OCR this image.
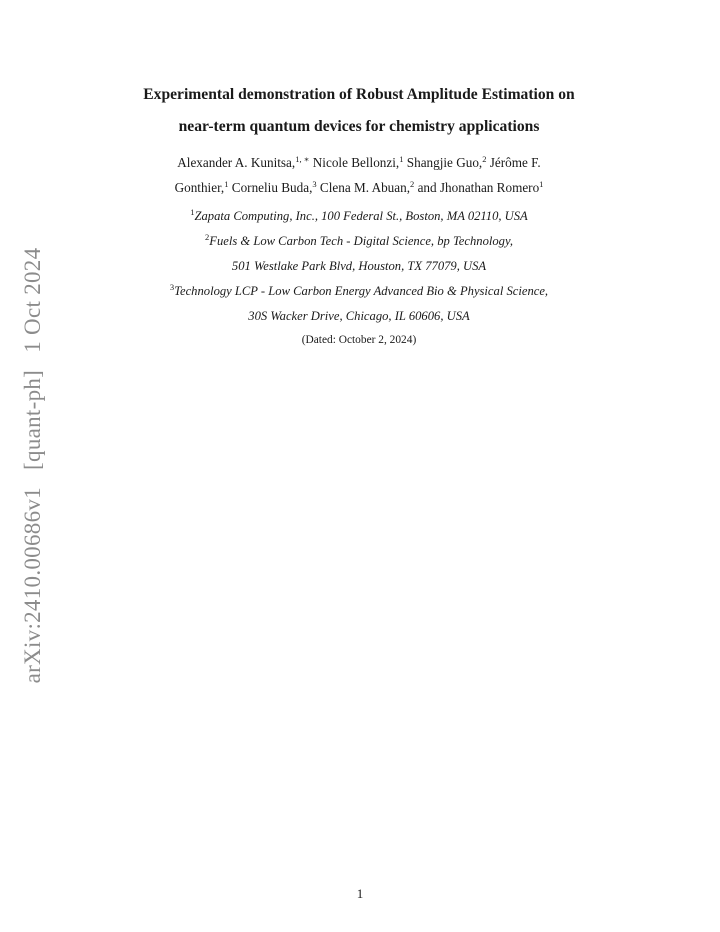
arXiv:2410.00686v1 [quant-ph] 1 Oct 2024
Experimental demonstration of Robust Amplitude Estimation on
near-term quantum devices for chemistry applications
Alexander A. Kunitsa,$^{1, ∗}$ Nicole Bellonzi,$^1$ Shangjie Guo,$^2$ Jérôme F.
Gonthier,$^1$ Corneliu Buda,$^3$ Clena M. Abuan,$^2$ and Jhonathan Romero$^1$
$^1$Zapata Computing, Inc., 100 Federal St., Boston, MA 02110, USA
$^2$Fuels & Low Carbon Tech - Digital Science, bp Technology,
501 Westlake Park Blvd, Houston, TX 77079, USA
$^3$Technology LCP - Low Carbon Energy Advanced Bio & Physical Science,
30S Wacker Drive, Chicago, IL 60606, USA
(Dated: October 2, 2024)
1
